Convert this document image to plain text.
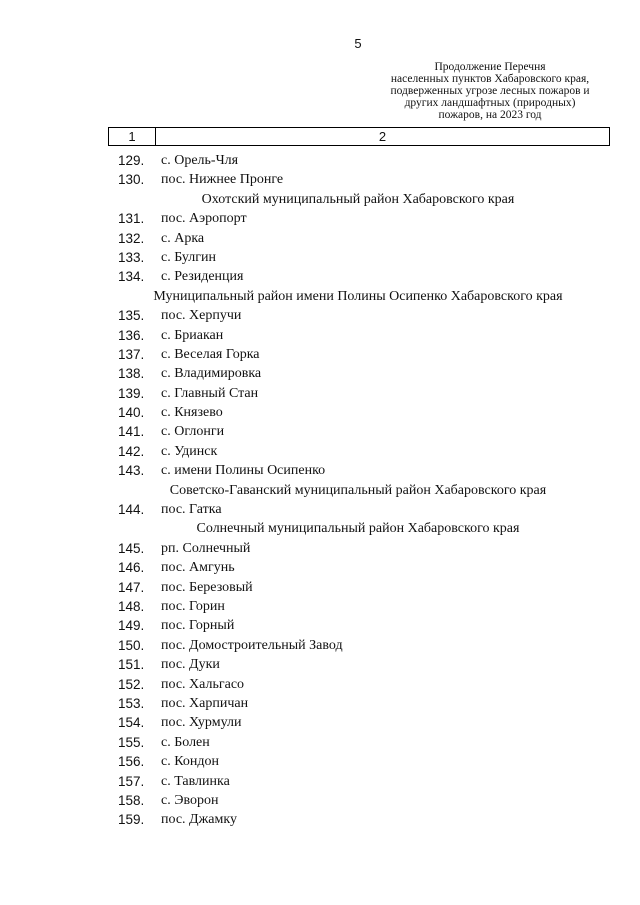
5
Продолжение Перечня
населенных пунктов Хабаровского края,
подверженных угрозе лесных пожаров и
других ландшафтных (природных)
пожаров, на 2023 год
1	2
129.	с. Орель-Чля
130.	пос. Нижнее Пронге
Охотский муниципальный район Хабаровского края
131.	пос. Аэропорт
132.	с. Арка
133.	с. Булгин
134.	с. Резиденция
Муниципальный район имени Полины Осипенко Хабаровского края
135.	пос. Херпучи
136.	с. Бриакан
137.	с. Веселая Горка
138.	с. Владимировка
139.	с. Главный Стан
140.	с. Князево
141.	с. Оглонги
142.	с. Удинск
143.	с. имени Полины Осипенко
Советско-Гаванский муниципальный район Хабаровского края
144.	пос. Гатка
Солнечный муниципальный район Хабаровского края
145.	рп. Солнечный
146.	пос. Амгунь
147.	пос. Березовый
148.	пос. Горин
149.	пос. Горный
150.	пос. Домостроительный Завод
151.	пос. Дуки
152.	пос. Хальгасо
153.	пос. Харпичан
154.	пос. Хурмули
155.	с. Болен
156.	с. Кондон
157.	с. Тавлинка
158.	с. Эворон
159.	пос. Джамку
